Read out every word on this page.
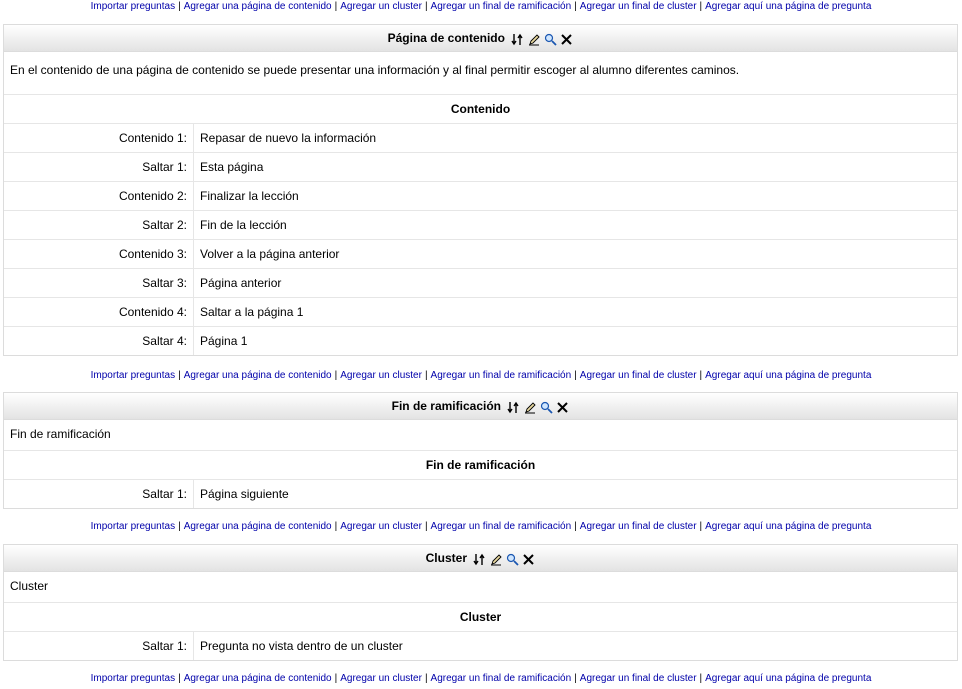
Importar preguntas | Agregar una página de contenido | Agregar un cluster | Agregar un final de ramificación | Agregar un final de cluster | Agregar aquí una página de pregunta
Página de contenido
En el contenido de una página de contenido se puede presentar una información y al final permitir escoger al alumno diferentes caminos.
Contenido
Contenido 1:	Repasar de nuevo la información
Saltar 1:	Esta página
Contenido 2:	Finalizar la lección
Saltar 2:	Fin de la lección
Contenido 3:	Volver a la página anterior
Saltar 3:	Página anterior
Contenido 4:	Saltar a la página 1
Saltar 4:	Página 1
Importar preguntas | Agregar una página de contenido | Agregar un cluster | Agregar un final de ramificación | Agregar un final de cluster | Agregar aquí una página de pregunta
Fin de ramificación
Fin de ramificación
Fin de ramificación
Saltar 1:	Página siguiente
Importar preguntas | Agregar una página de contenido | Agregar un cluster | Agregar un final de ramificación | Agregar un final de cluster | Agregar aquí una página de pregunta
Cluster
Cluster
Cluster
Saltar 1:	Pregunta no vista dentro de un cluster
Importar preguntas | Agregar una página de contenido | Agregar un cluster | Agregar un final de ramificación | Agregar un final de cluster | Agregar aquí una página de pregunta
